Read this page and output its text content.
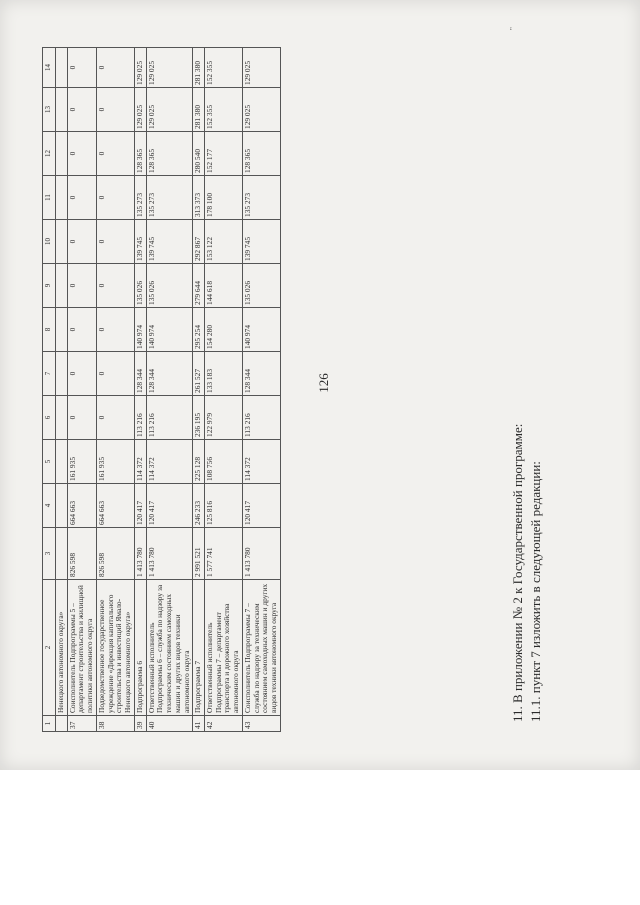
126
1	2	3	4	5	6	7	8	9	10	11	12	13	14
	Ненецкого автономного округа»												
37	Соисполнитель Подпрограммы 5 – департамент строительства и жилищной политики автономного округа	826 598	664 663	161 935	0	0	0	0	0	0	0	0	0
38	Подведомственное государственное учреждение «Дирекция капитального строительства и инвестиций Ямало-Ненецкого автономного округа»	826 598	664 663	161 935	0	0	0	0	0	0	0	0	0
39	Подпрограмма 6	1 413 780	120 417	114 372	113 216	128 344	140 974	135 026	139 745	135 273	128 365	129 025	129 025
40	Ответственный исполнитель Подпрограммы 6 – служба по надзору за техническим состоянием самоходных машин и других видов техники автономного округа	1 413 780	120 417	114 372	113 216	128 344	140 974	135 026	139 745	135 273	128 365	129 025	129 025
41	Подпрограмма 7	2 991 521	246 233	225 128	236 195	261 527	295 254	279 644	292 867	313 373	280 540	281 380	281 380
42	Ответственный исполнитель Подпрограммы 7 – департамент транспорта и дорожного хозяйства автономного округа	1 577 741	125 816	108 756	122 979	133 183	154 280	144 618	153 122	178 100	152 177	152 355	152 355
43	Соисполнитель Подпрограммы 7 – служба по надзору за техническим состоянием самоходных машин и других видов техники автономного округа	1 413 780	120 417	114 372	113 216	128 344	140 974	135 026	139 745	135 273	128 365	129 025	129 025
11. В приложении № 2 к Государственной программе: 11.1. пункт 7 изложить в следующей редакции:
"
